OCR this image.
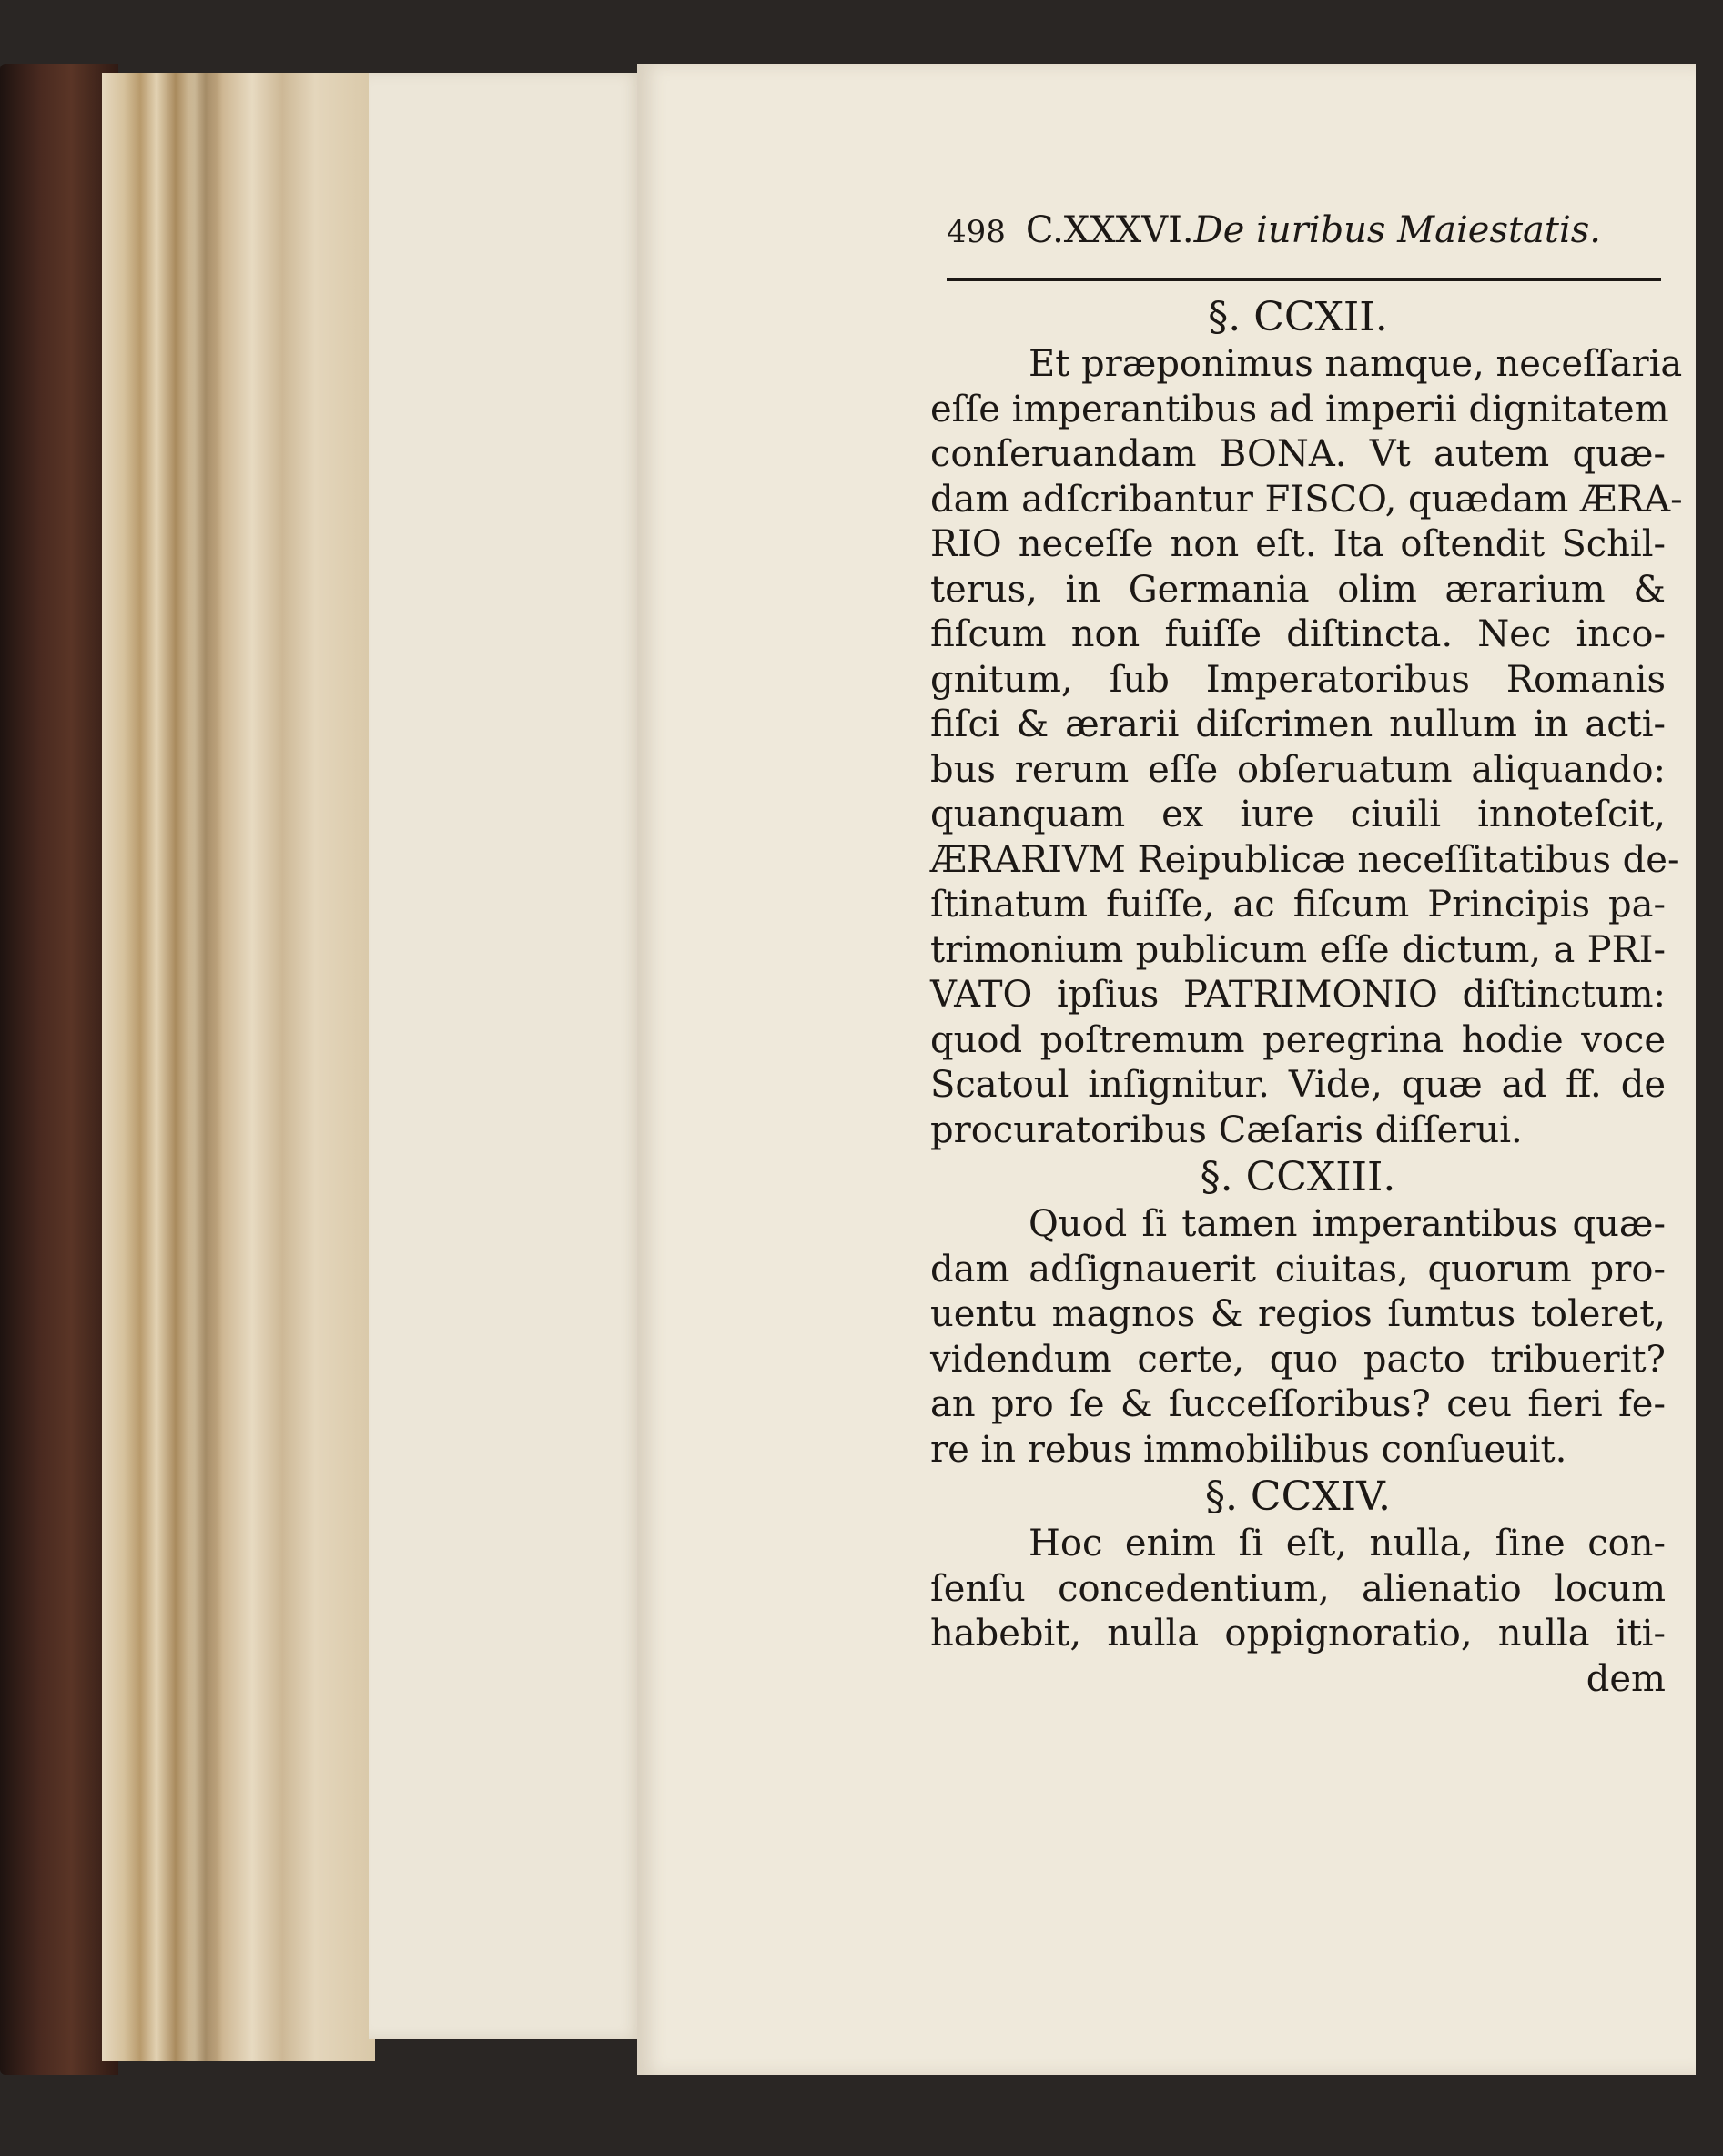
498 C.XXXVI.De iuribus Maiestatis.
§. CCXII.
Et præponimus namque, neceſſaria
eſſe imperantibus ad imperii dignitatem
conſeruandam BONA. Vt autem quæ-
dam adſcribantur FISCO, quædam ÆRA-
RIO neceſſe non eſt. Ita oſtendit Schil-
terus, in Germania olim ærarium &
fiſcum non fuiſſe diſtincta. Nec inco-
gnitum, ſub Imperatoribus Romanis
fiſci & ærarii diſcrimen nullum in acti-
bus rerum eſſe obſeruatum aliquando:
quanquam ex iure ciuili innoteſcit,
ÆRARIVM Reipublicæ neceſſitatibus de-
ſtinatum fuiſſe, ac fiſcum Principis pa-
trimonium publicum eſſe dictum, a PRI-
VATO ipſius PATRIMONIO diſtinctum:
quod poſtremum peregrina hodie voce
Scatoul inſignitur. Vide, quæ ad ff. de
procuratoribus Cæſaris diſſerui.
§. CCXIII.
Quod ſi tamen imperantibus quæ-
dam adſignauerit ciuitas, quorum pro-
uentu magnos & regios ſumtus toleret,
videndum certe, quo pacto tribuerit?
an pro ſe & ſucceſſoribus? ceu fieri fe-
re in rebus immobilibus conſueuit.
§. CCXIV.
Hoc enim ſi eſt, nulla, ſine con-
ſenſu concedentium, alienatio locum
habebit, nulla oppignoratio, nulla iti-
dem
